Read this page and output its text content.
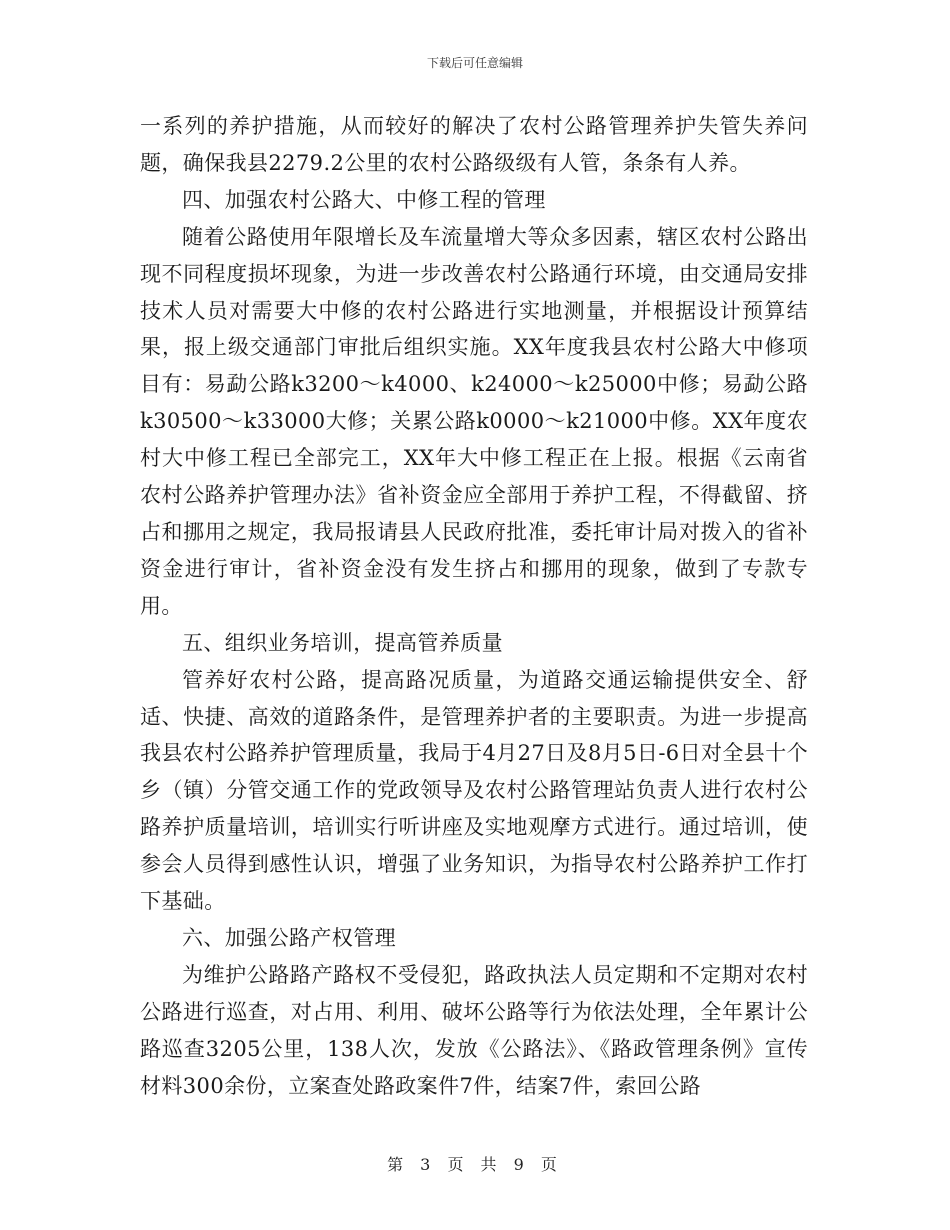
下载后可任意编辑

一系列的养护措施，从而较好的解决了农村公路管理养护失管失养问题，确保我县2279.2公里的农村公路级级有人管，条条有人养。

四、加强农村公路大、中修工程的管理

随着公路使用年限增长及车流量增大等众多因素，辖区农村公路出现不同程度损坏现象，为进一步改善农村公路通行环境，由交通局安排技术人员对需要大中修的农村公路进行实地测量，并根据设计预算结果，报上级交通部门审批后组织实施。XX年度我县农村公路大中修项目有：易勐公路k3200～k4000、k24000～k25000中修；易勐公路k30500～k33000大修；关累公路k0000～k21000中修。XX年度农村大中修工程已全部完工，XX年大中修工程正在上报。根据《云南省农村公路养护管理办法》省补资金应全部用于养护工程，不得截留、挤占和挪用之规定，我局报请县人民政府批准，委托审计局对拨入的省补资金进行审计，省补资金没有发生挤占和挪用的现象，做到了专款专用。

五、组织业务培训，提高管养质量

管养好农村公路，提高路况质量，为道路交通运输提供安全、舒适、快捷、高效的道路条件，是管理养护者的主要职责。为进一步提高我县农村公路养护管理质量，我局于4月27日及8月5日-6日对全县十个乡（镇）分管交通工作的党政领导及农村公路管理站负责人进行农村公路养护质量培训，培训实行听讲座及实地观摩方式进行。通过培训，使参会人员得到感性认识，增强了业务知识，为指导农村公路养护工作打下基础。

六、加强公路产权管理

为维护公路路产路权不受侵犯，路政执法人员定期和不定期对农村公路进行巡查，对占用、利用、破坏公路等行为依法处理，全年累计公路巡查3205公里，138人次，发放《公路法》、《路政管理条例》宣传材料300余份，立案查处路政案件7件，结案7件，索回公路

第 3 页 共 9 页
